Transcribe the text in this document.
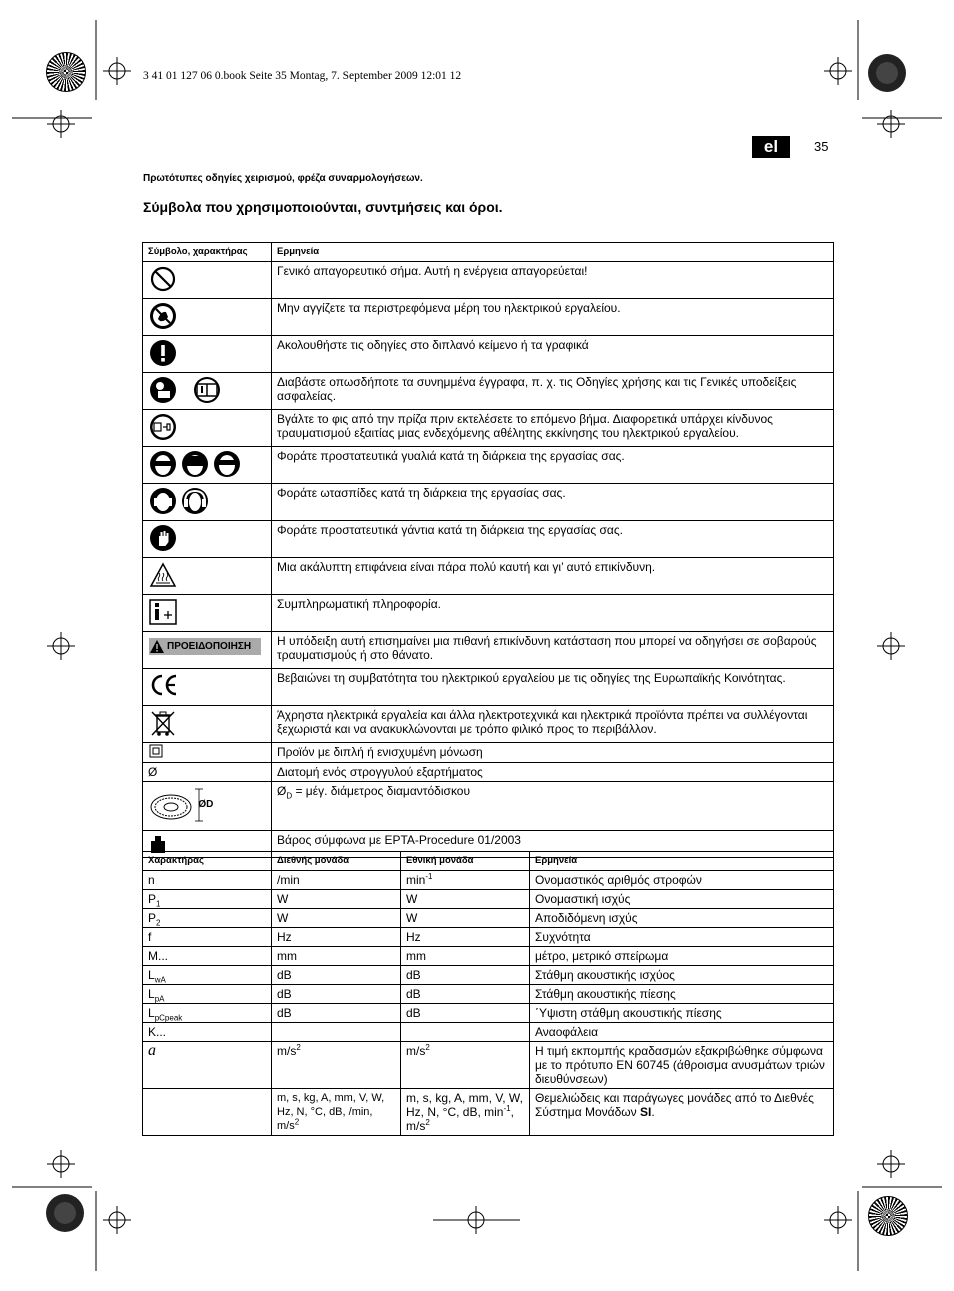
3 41 01 127 06 0.book Seite 35 Montag, 7. September 2009 12:01 12
el	35
Πρωτότυπες οδηγίες χειρισμού, φρέζα συναρμολογήσεων.
Σύμβολα που χρησιμοποιούνται, συντμήσεις και όροι.
Σύμβολο, χαρακτήρας	Ερμηνεία

	Γενικό απαγορευτικό σήμα. Αυτή η ενέργεια απαγορεύεται!

	Μην αγγίζετε τα περιστρεφόμενα μέρη του ηλεκτρικού εργαλείου.

	Ακολουθήστε τις οδηγίες στο διπλανό κείμενο ή τα γραφικά

	Διαβάστε οπωσδήποτε τα συνημμένα έγγραφα, π. χ. τις Οδηγίες χρήσης και τις Γενικές υποδείξεις ασφαλείας.

	Βγάλτε το φις από την πρίζα πριν εκτελέσετε το επόμενο βήμα. Διαφορετικά υπάρχει κίνδυνος τραυματισμού εξαιτίας μιας ενδεχόμενης αθέλητης εκκίνησης του ηλεκτρικού εργαλείου.

	Φοράτε προστατευτικά γυαλιά κατά τη διάρκεια της εργασίας σας.

	Φοράτε ωτασπίδες κατά τη διάρκεια της εργασίας σας.

	Φοράτε προστατευτικά γάντια κατά τη διάρκεια της εργασίας σας.

	Μια ακάλυπτη επιφάνεια είναι πάρα πολύ καυτή και γι’ αυτό επικίνδυνη.

	Συμπληρωματική πληροφορία.

ΠΡΟΕΙΔΟΠΟΙΗΣΗ	Η υπόδειξη αυτή επισημαίνει μια πιθανή επικίνδυνη κατάσταση που μπορεί να οδηγήσει σε σοβαρούς τραυματισμούς ή στο θάνατο.

	Βεβαιώνει τη συμβατότητα του ηλεκτρικού εργαλείου με τις οδηγίες της Ευρωπαϊκής Κοινότητας.

	Άχρηστα ηλεκτρικά εργαλεία και άλλα ηλεκτροτεχνικά και ηλεκτρικά προϊόντα πρέπει να συλλέγονται ξεχωριστά και να ανακυκλώνονται με τρόπο φιλικό προς το περιβάλλον.
	Προϊόν με διπλή ή ενισχυμένη μόνωση
Ø	Διατομή ενός στρογγυλού εξαρτήματος

ØD	$Ø_D = \mu έ\gamma$. διάμετρος διαμαντόδισκου

	Βάρος σύμφωνα με EPTA-Procedure 01/2003
Χαρακτήρας	Διεθνής μονάδα	Εθνική μονάδα	Ερμηνεία
n	/min	$\min^{-1}$	Ονομαστικός αριθμός στροφών
$P_1$	W	W	Ονομαστική ισχύς
$P_2$	W	W	Αποδιδόμενη ισχύς
f	Hz	Hz	Συχνότητα
M...	mm	mm	μέτρο, μετρικό σπείρωμα
$L_{wA}$	dB	dB	Στάθμη ακουστικής ισχύος
$L_{pA}$	dB	dB	Στάθμη ακουστικής πίεσης
$L_{pCpeak}$	dB	dB	΄Υψιστη στάθμη ακουστικής πίεσης
K...			Αναοφάλεια
a	$m/s^2$	$m/s^2$	Η τιμή εκπομπής κραδασμών εξακριβώθηκε σύμφωνα με το πρότυπο EN 60745 (άθροισμα ανυσμάτων τριών διευθύνσεων)
	m, s, kg, A, mm, V, W, Hz, N, °C, dB, /min, $m/s^2$	m, s, kg, A, mm, V, W, Hz, N, °C, dB, $\min^{-1}$, $m/s^2$	Θεμελιώδεις και παράγωγες μονάδες από το Διεθνές Σύστημα Μονάδων SI.
